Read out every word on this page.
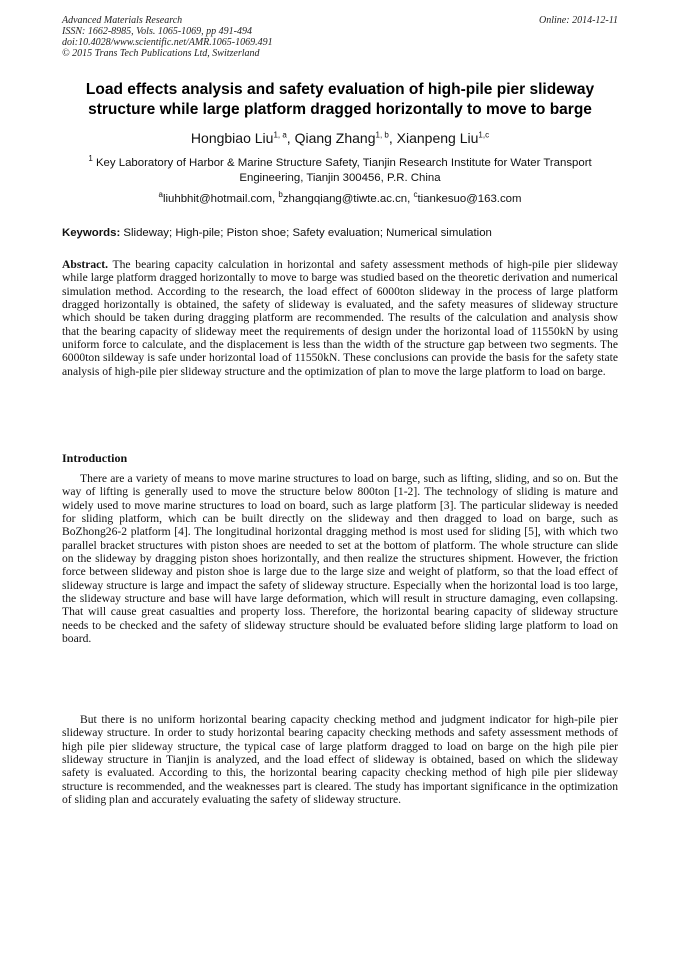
Advanced Materials Research
ISSN: 1662-8985, Vols. 1065-1069, pp 491-494
doi:10.4028/www.scientific.net/AMR.1065-1069.491
© 2015 Trans Tech Publications Ltd, Switzerland
Online: 2014-12-11
Load effects analysis and safety evaluation of high-pile pier slideway structure while large platform dragged horizontally to move to barge
Hongbiao Liu$^{1, a}$, Qiang Zhang$^{1, b}$, Xianpeng Liu$^{1,c}$
$^1$ Key Laboratory of Harbor & Marine Structure Safety, Tianjin Research Institute for Water Transport Engineering, Tianjin 300456, P.R. China
$^a$liuhbhit@hotmail.com, $^b$zhangqiang@tiwte.ac.cn, $^c$tiankesuo@163.com
Keywords: Slideway; High-pile; Piston shoe; Safety evaluation; Numerical simulation
Abstract. The bearing capacity calculation in horizontal and safety assessment methods of high-pile pier slideway while large platform dragged horizontally to move to barge was studied based on the theoretic derivation and numerical simulation method. According to the research, the load effect of 6000ton slideway in the process of large platform dragged horizontally is obtained, the safety of slideway is evaluated, and the safety measures of slideway structure which should be taken during dragging platform are recommended. The results of the calculation and analysis show that the bearing capacity of slideway meet the requirements of design under the horizontal load of 11550kN by using uniform force to calculate, and the displacement is less than the width of the structure gap between two segments. The 6000ton sildeway is safe under horizontal load of 11550kN. These conclusions can provide the basis for the safety state analysis of high-pile pier slideway structure and the optimization of plan to move the large platform to load on barge.
Introduction
There are a variety of means to move marine structures to load on barge, such as lifting, sliding, and so on. But the way of lifting is generally used to move the structure below 800ton [1-2]. The technology of sliding is mature and widely used to move marine structures to load on board, such as large platform [3]. The particular slideway is needed for sliding platform, which can be built directly on the slideway and then dragged to load on barge, such as BoZhong26-2 platform [4]. The longitudinal horizontal dragging method is most used for sliding [5], with which two parallel bracket structures with piston shoes are needed to set at the bottom of platform. The whole structure can slide on the slideway by dragging piston shoes horizontally, and then realize the structures shipment. However, the friction force between slideway and piston shoe is large due to the large size and weight of platform, so that the load effect of slideway structure is large and impact the safety of slideway structure. Especially when the horizontal load is too large, the slideway structure and base will have large deformation, which will result in structure damaging, even collapsing. That will cause great casualties and property loss. Therefore, the horizontal bearing capacity of slideway structure needs to be checked and the safety of slideway structure should be evaluated before sliding large platform to load on board.
But there is no uniform horizontal bearing capacity checking method and judgment indicator for high-pile pier slideway structure. In order to study horizontal bearing capacity checking methods and safety assessment methods of high pile pier slideway structure, the typical case of large platform dragged to load on barge on the high pile pier slideway structure in Tianjin is analyzed, and the load effect of slideway is obtained, based on which the slideway safety is evaluated. According to this, the horizontal bearing capacity checking method of high pile pier slideway structure is recommended, and the weaknesses part is cleared. The study has important significance in the optimization of sliding plan and accurately evaluating the safety of slideway structure.
